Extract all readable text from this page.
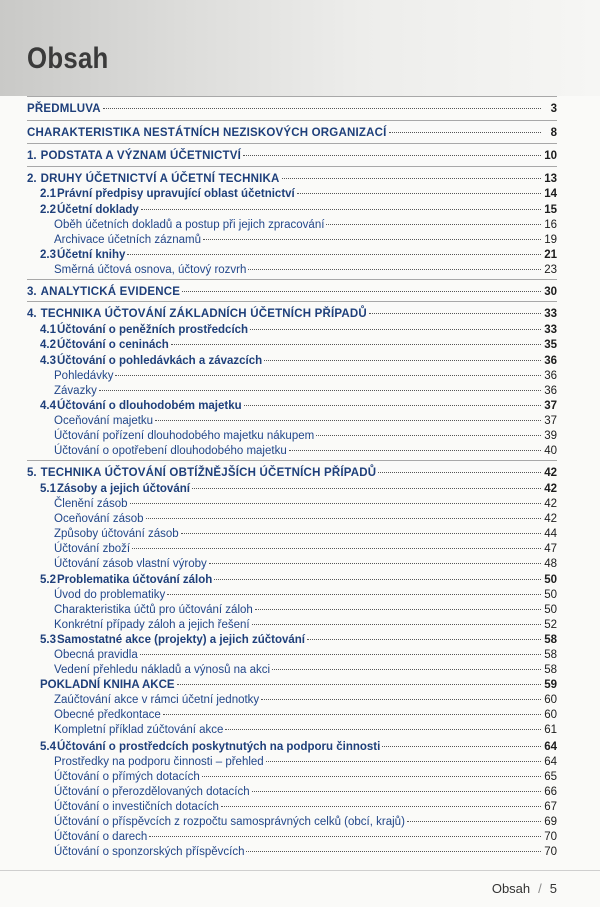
Obsah
PŘEDMLUVA	3
CHARAKTERISTIKA NESTÁTNÍCH NEZISKOVÝCH ORGANIZACÍ	8
1. PODSTATA A VÝZNAM ÚČETNICTVÍ	10
2. DRUHY ÚČETNICTVÍ A ÚČETNÍ TECHNIKA	13
2.1 Právní předpisy upravující oblast účetnictví	14
2.2 Účetní doklady	15
Oběh účetních dokladů a postup při jejich zpracování	16
Archivace účetních záznamů	19
2.3 Účetní knihy	21
Směrná účtová osnova, účtový rozvrh	23
3. ANALYTICKÁ EVIDENCE	30
4. TECHNIKA ÚČTOVÁNÍ ZÁKLADNÍCH ÚČETNÍCH PŘÍPADŮ	33
4.1 Účtování o peněžních prostředcích	33
4.2 Účtování o ceninách	35
4.3 Účtování o pohledávkách a závazcích	36
Pohledávky	36
Závazky	36
4.4 Účtování o dlouhodobém majetku	37
Oceňování majetku	37
Účtování pořízení dlouhodobého majetku nákupem	39
Účtování o opotřebení dlouhodobého majetku	40
5. TECHNIKA ÚČTOVÁNÍ OBTÍŽNĚJŠÍCH ÚČETNÍCH PŘÍPADŮ	42
5.1 Zásoby a jejich účtování	42
Členění zásob	42
Oceňování zásob	42
Způsoby účtování zásob	44
Účtování zboží	47
Účtování zásob vlastní výroby	48
5.2 Problematika účtování záloh	50
Úvod do problematiky	50
Charakteristika účtů pro účtování záloh	50
Konkrétní případy záloh a jejich řešení	52
5.3 Samostatné akce (projekty) a jejich zúčtování	58
Obecná pravidla	58
Vedení přehledu nákladů a výnosů na akci	58
POKLADNÍ KNIHA AKCE	59
Zaúčtování akce v rámci účetní jednotky	60
Obecné předkontace	60
Kompletní příklad zúčtování akce	61
5.4 Účtování o prostředcích poskytnutých na podporu činnosti	64
Prostředky na podporu činnosti – přehled	64
Účtování o přímých dotacích	65
Účtování o přerozdělovaných dotacích	66
Účtování o investičních dotacích	67
Účtování o příspěvcích z rozpočtu samosprávných celků (obcí, krajů)	69
Účtování o darech	70
Účtování o sponzorských příspěvcích	70
Obsah / 5
